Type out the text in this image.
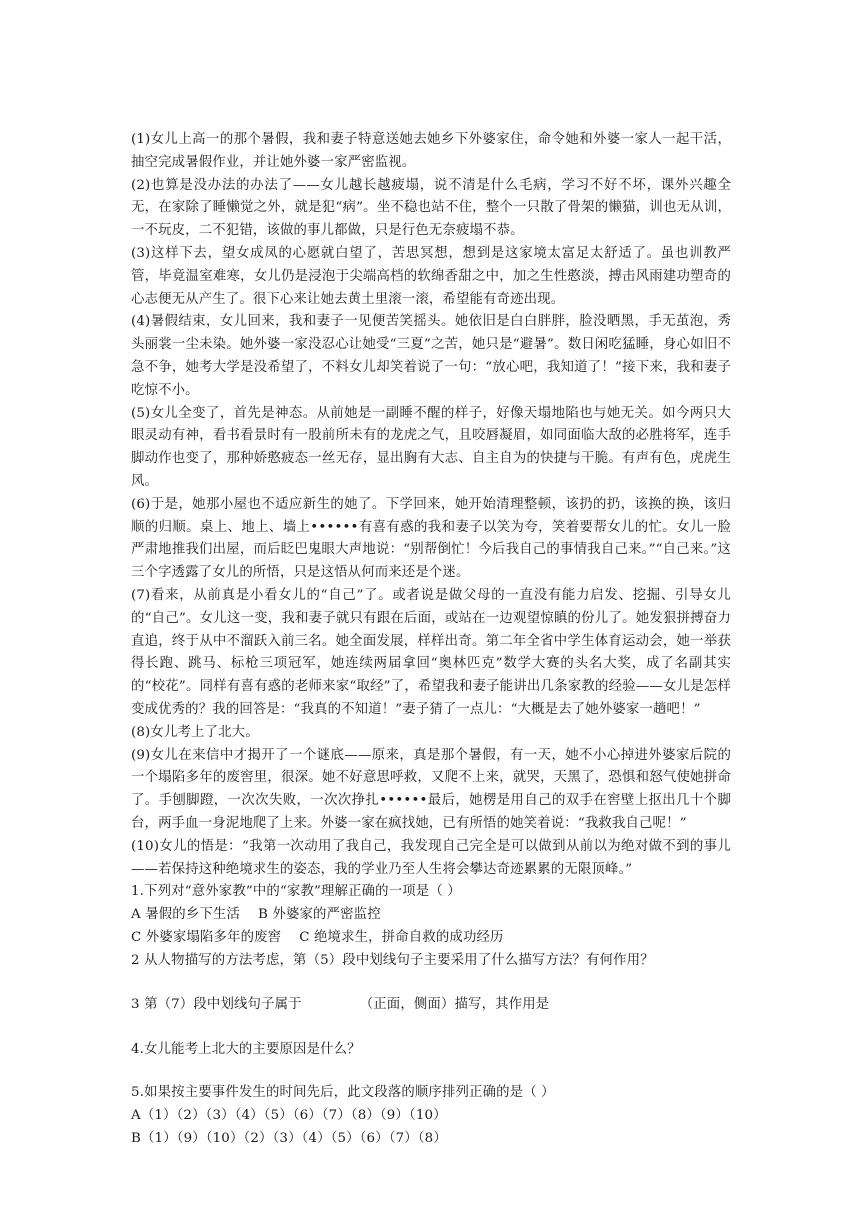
(1)女儿上高一的那个暑假，我和妻子特意送她去她乡下外婆家住，命令她和外婆一家人一起干活，抽空完成暑假作业，并让她外婆一家严密监视。

(2)也算是没办法的办法了——女儿越长越疲塌，说不清是什么毛病，学习不好不坏，课外兴趣全无，在家除了睡懒觉之外，就是犯“病”。坐不稳也站不住，整个一只散了骨架的懒猫，训也无从训，一不玩皮，二不犯错，该做的事儿都做，只是行色无奈疲塌不恭。

(3)这样下去，望女成凤的心愿就白望了，苦思冥想，想到是这家境太富足太舒适了。虽也训教严管，毕竟温室难寒，女儿仍是浸泡于尖端高档的软绵香甜之中，加之生性憨淡，搏击风雨建功塑奇的心志便无从产生了。很下心来让她去黄土里滚一滚，希望能有奇迹出现。

(4)暑假结束，女儿回来，我和妻子一见便苦笑摇头。她依旧是白白胖胖，脸没晒黑，手无茧泡，秀头丽裳一尘未染。她外婆一家没忍心让她受“三夏”之苦，她只是“避暑”。数日闲吃猛睡，身心如旧不急不争，她考大学是没希望了，不料女儿却笑着说了一句：“放心吧，我知道了！”接下来，我和妻子吃惊不小。

(5)女儿全变了，首先是神态。从前她是一副睡不醒的样子，好像天塌地陷也与她无关。如今两只大眼灵动有神，看书看景时有一股前所未有的龙虎之气，且咬唇凝眉，如同面临大敌的必胜将军，连手脚动作也变了，那种娇憨疲态一丝无存，显出胸有大志、自主自为的快捷与干脆。有声有色，虎虎生风。

(6)于是，她那小屋也不适应新生的她了。下学回来，她开始清理整顿，该扔的扔，该换的换，该归顺的归顺。桌上、地上、墙上••••••有喜有惑的我和妻子以笑为夸，笑着要帮女儿的忙。女儿一脸严肃地推我们出屋，而后眨巴鬼眼大声地说：“别帮倒忙！今后我自己的事情我自己来。”“自己来。”这三个字透露了女儿的所悟，只是这悟从何而来还是个迷。

(7)看来，从前真是小看女儿的“自己”了。或者说是做父母的一直没有能力启发、挖掘、引导女儿的“自己”。女儿这一变，我和妻子就只有跟在后面，或站在一边观望惊瞋的份儿了。她发狠拼搏奋力直追，终于从中不溜跃入前三名。她全面发展，样样出奇。第二年全省中学生体育运动会，她一举获得长跑、跳马、标枪三项冠军，她连续两届拿回“奥林匹克”数学大赛的头名大奖，成了名副其实的“校花”。同样有喜有惑的老师来家“取经”了，希望我和妻子能讲出几条家教的经验——女儿是怎样变成优秀的？我的回答是：“我真的不知道！”妻子猜了一点儿：“大概是去了她外婆家一趟吧！”

(8)女儿考上了北大。

(9)女儿在来信中才揭开了一个谜底——原来，真是那个暑假，有一天，她不小心掉进外婆家后院的一个塌陷多年的废窖里，很深。她不好意思呼救，又爬不上来，就哭，天黑了，恐惧和怒气使她拼命了。手刨脚蹬，一次次失败，一次次挣扎••••••最后，她楞是用自己的双手在窖壁上抠出几十个脚台，两手血一身泥地爬了上来。外婆一家在疯找她，已有所悟的她笑着说：“我救我自己呢！”

(10)女儿的悟是：“我第一次动用了我自己，我发现自己完全是可以做到从前以为绝对做不到的事儿——若保持这种绝境求生的姿态，我的学业乃至人生将会攀达奇迹累累的无限顶峰。”

1.下列对“意外家教”中的“家教”理解正确的一项是（ ）

A 暑假的乡下生活 B 外婆家的严密监控

C 外婆家塌陷多年的废窖 C 绝境求生，拼命自救的成功经历

2 从人物描写的方法考虑，第（5）段中划线句子主要采用了什么描写方法？有何作用？

3 第（7）段中划线句子属于	（正面，侧面）描写，其作用是

4.女儿能考上北大的主要原因是什么？

5.如果按主要事件发生的时间先后，此文段落的顺序排列正确的是（ ）

A（1）（2）（3）（4）（5）（6）（7）（8）（9）（10）

B（1）（9）（10）（2）（3）（4）（5）（6）（7）（8）
